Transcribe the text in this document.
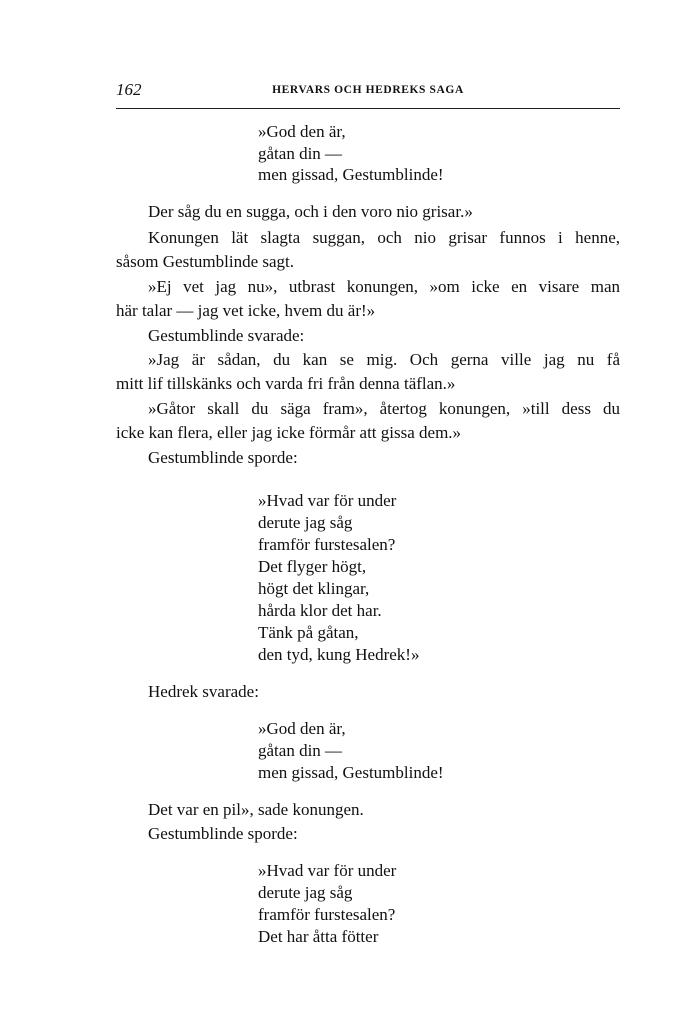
162	HERVARS OCH HEDREKS SAGA
»God den är,
gåtan din —
men gissad, Gestumblinde!
Der såg du en sugga, och i den voro nio grisar.»
Konungen lät slagta suggan, och nio grisar funnos i henne,
såsom Gestumblinde sagt.
»Ej vet jag nu», utbrast konungen, »om icke en visare man
här talar — jag vet icke, hvem du är!»
Gestumblinde svarade:
»Jag är sådan, du kan se mig. Och gerna ville jag nu få
mitt lif tillskänks och varda fri från denna täflan.»
»Gåtor skall du säga fram», återtog konungen, »till dess du
icke kan flera, eller jag icke förmår att gissa dem.»
Gestumblinde sporde:
»Hvad var för under
derute jag såg
framför furstesalen?
Det flyger högt,
högt det klingar,
hårda klor det har.
Tänk på gåtan,
den tyd, kung Hedrek!»
Hedrek svarade:
»God den är,
gåtan din —
men gissad, Gestumblinde!
Det var en pil», sade konungen.
Gestumblinde sporde:
»Hvad var för under
derute jag såg
framför furstesalen?
Det har åtta fötter
